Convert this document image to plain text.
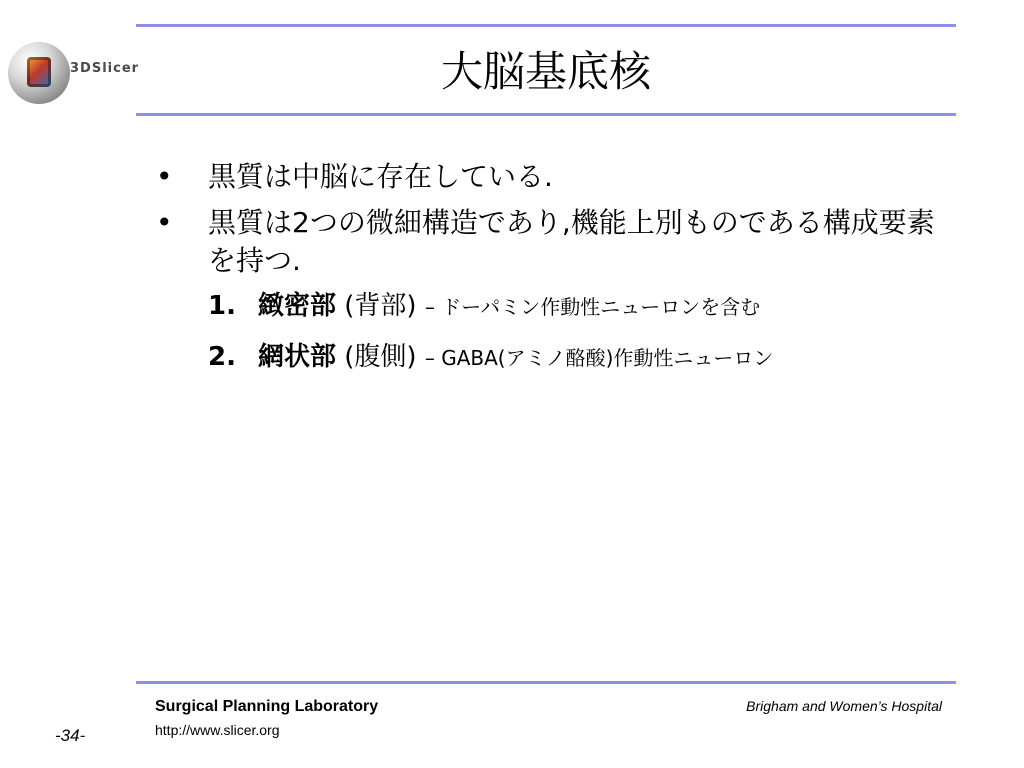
3DSlicer	大脳基底核
• 黒質は中脳に存在している.
• 黒質は2つの微細構造であり,機能上別ものである構成要素を持つ.
1. 緻密部 (背部) – ドーパミン作動性ニューロンを含む
2. 網状部 (腹側) – GABA(アミノ酪酸)作動性ニューロン
Surgical Planning Laboratory
http://www.slicer.org
Brigham and Women’s Hospital
-34-
